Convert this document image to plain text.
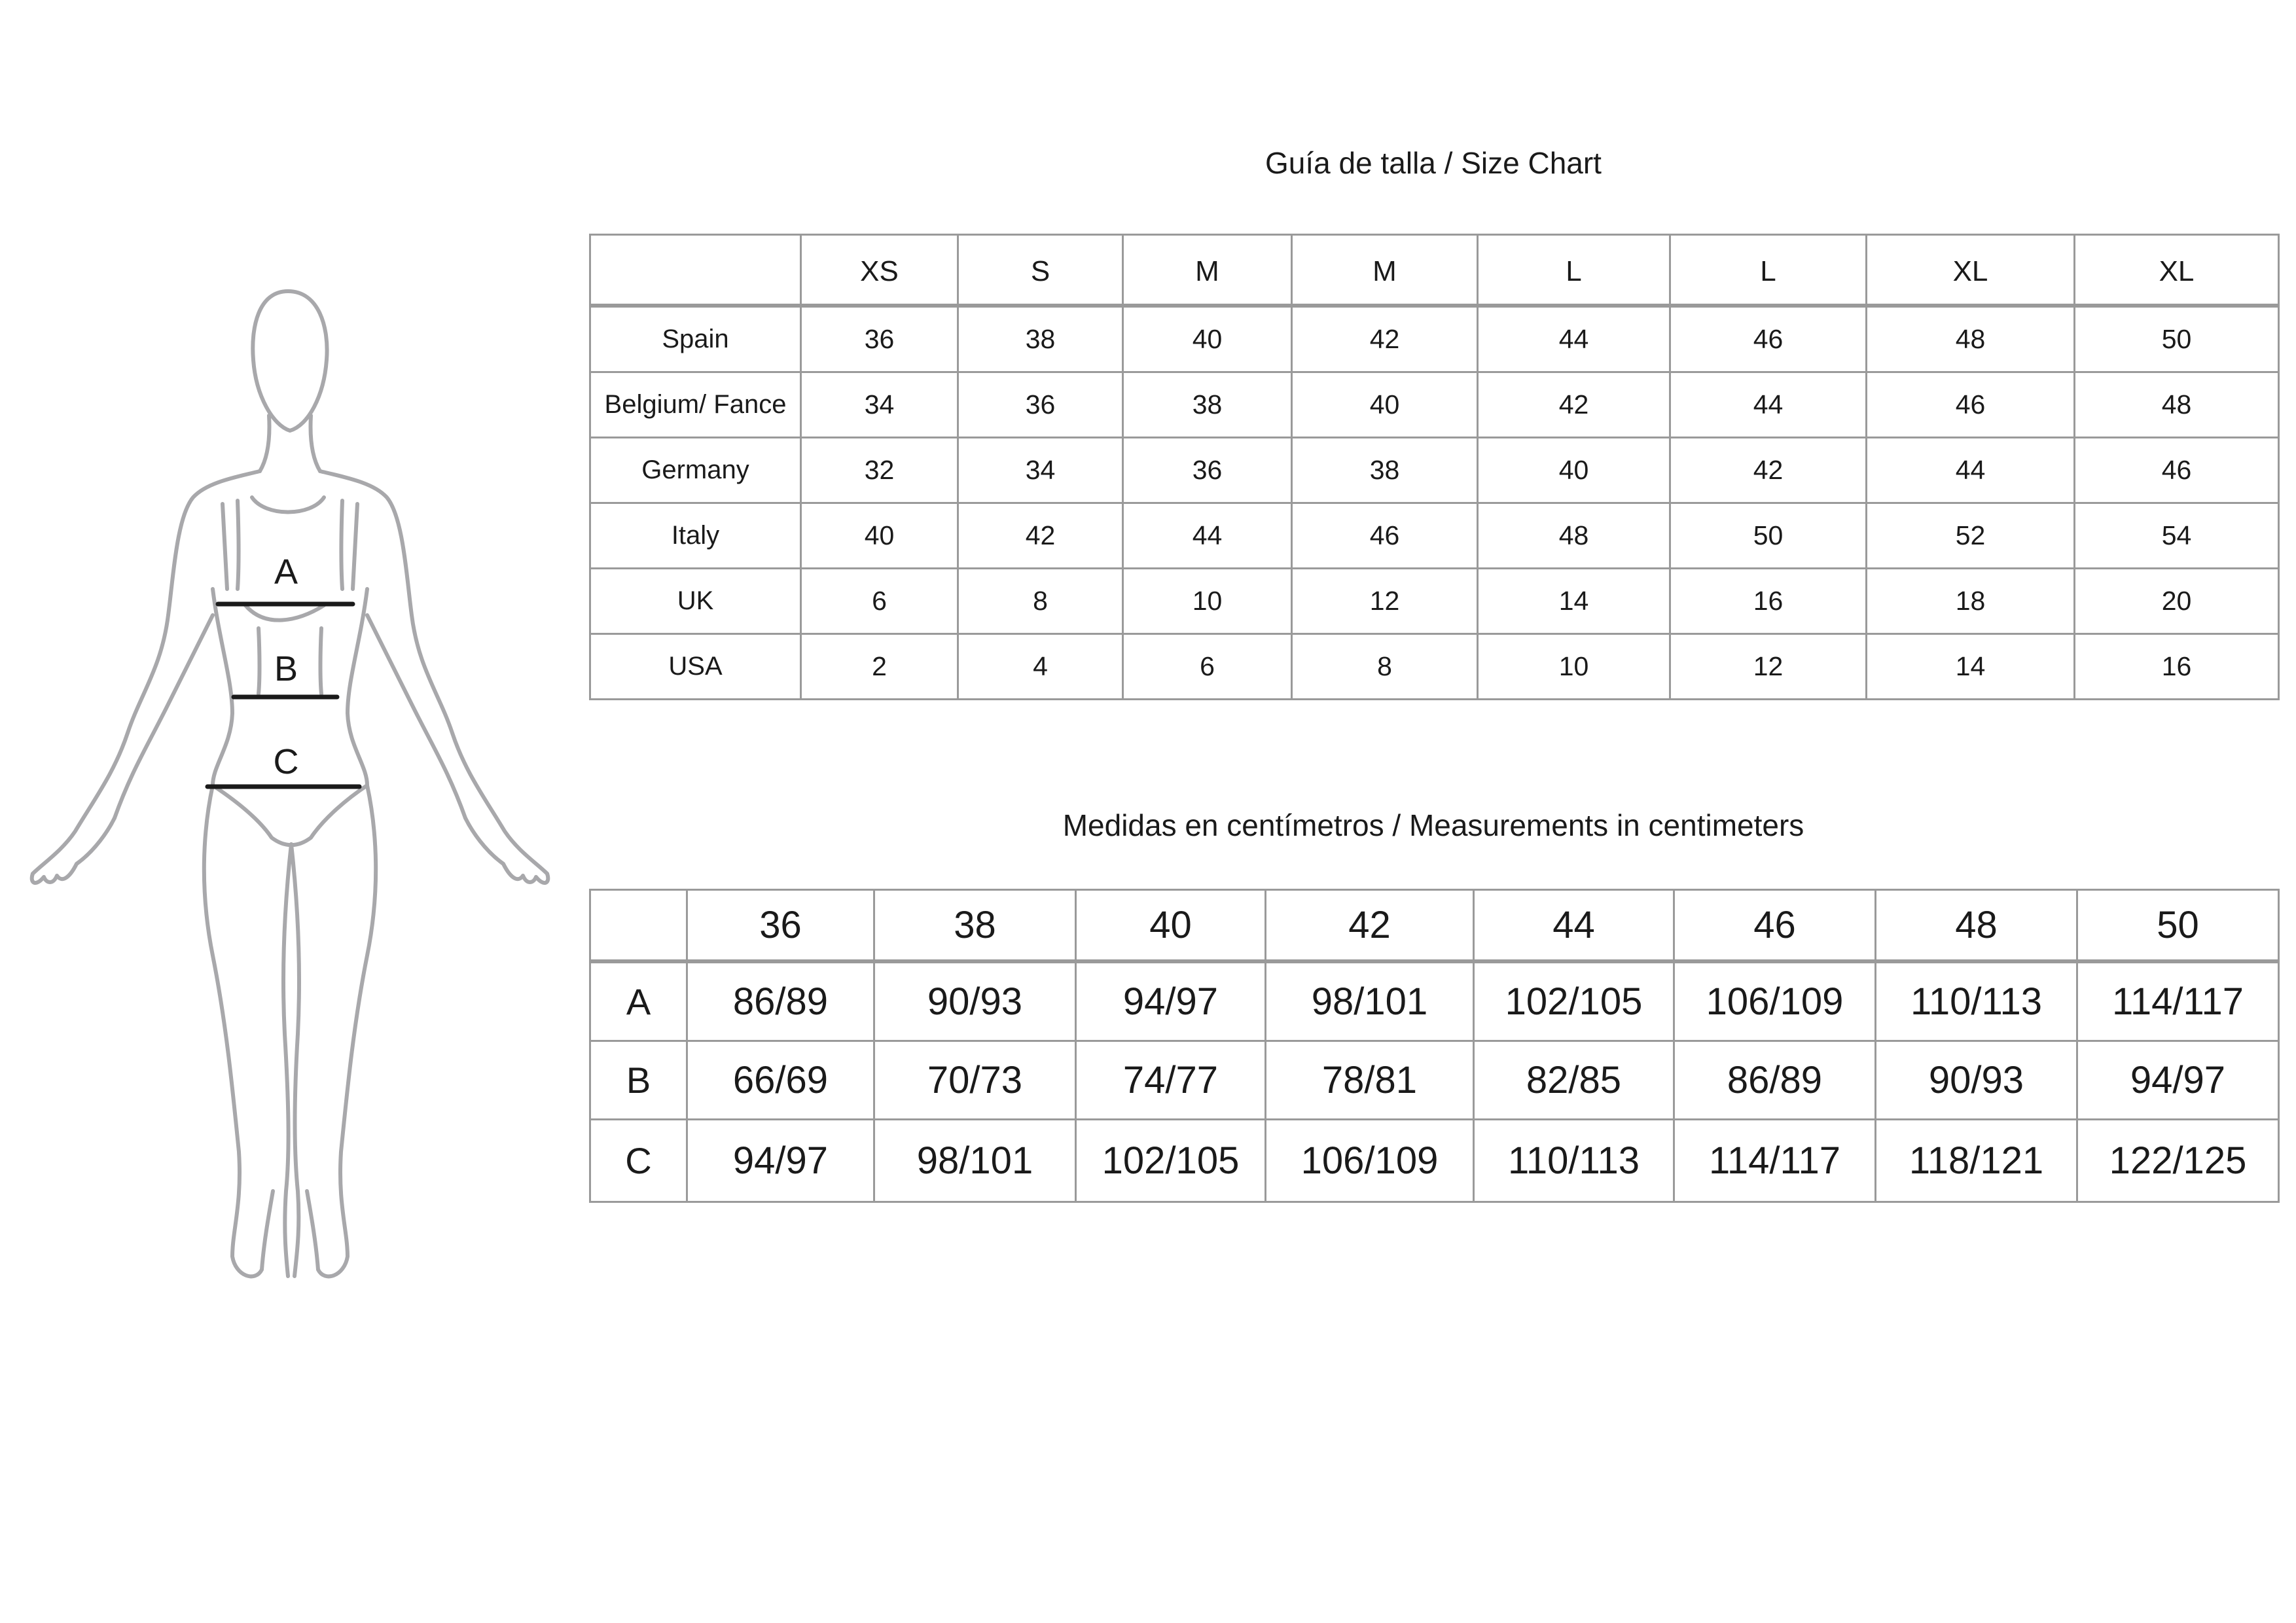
A
B
C
Guía de talla / Size Chart
	XS	S	M	M	L	L	XL	XL
Spain	36	38	40	42	44	46	48	50
Belgium/ Fance	34	36	38	40	42	44	46	48
Germany	32	34	36	38	40	42	44	46
Italy	40	42	44	46	48	50	52	54
UK	6	8	10	12	14	16	18	20
USA	2	4	6	8	10	12	14	16
Medidas en centímetros / Measurements in centimeters
	36	38	40	42	44	46	48	50
A	86/89	90/93	94/97	98/101	102/105	106/109	110/113	114/117
B	66/69	70/73	74/77	78/81	82/85	86/89	90/93	94/97
C	94/97	98/101	102/105	106/109	110/113	114/117	118/121	122/125
